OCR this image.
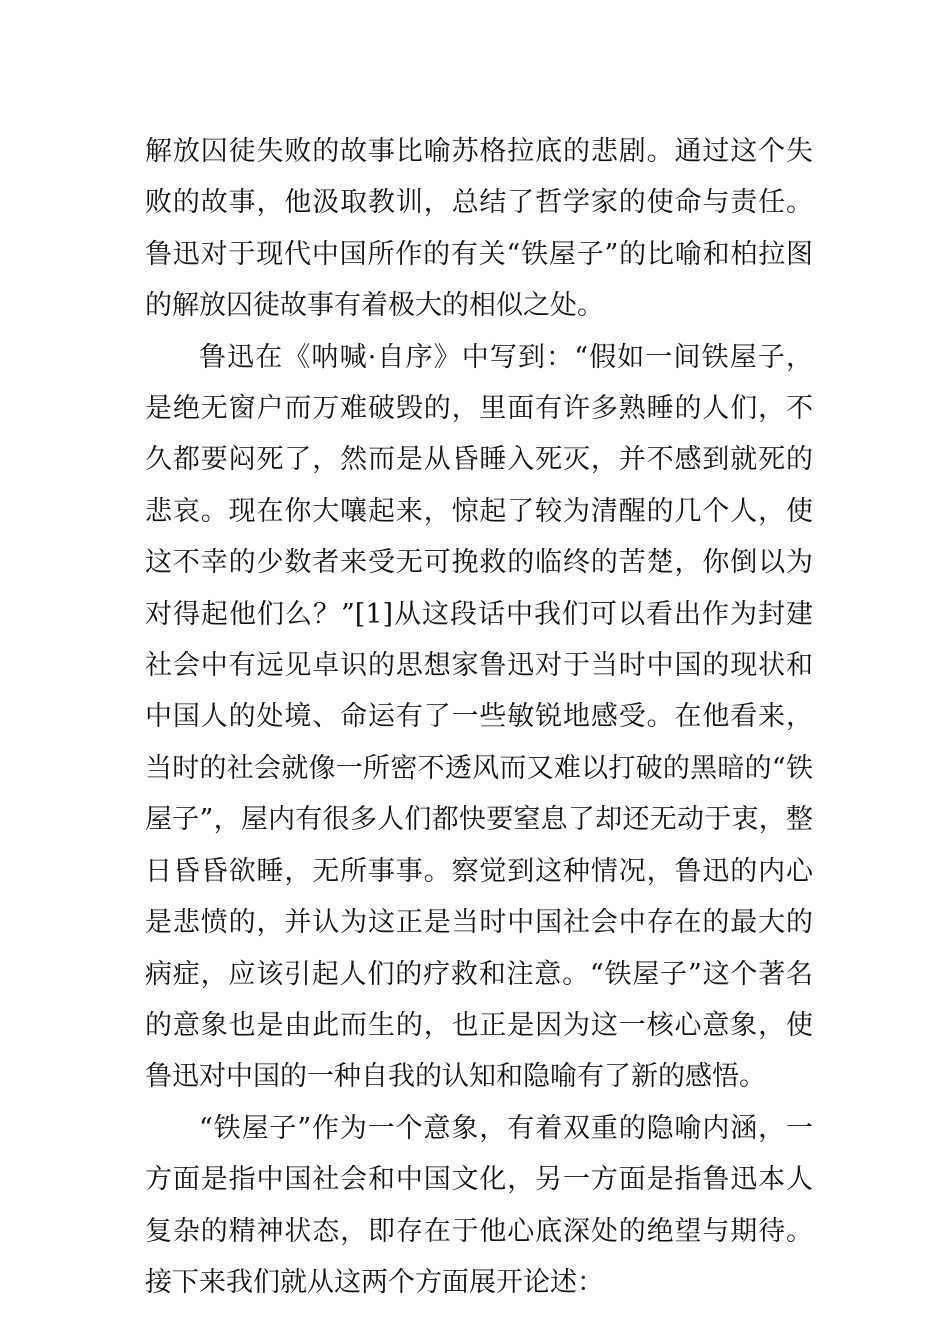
解放囚徒失败的故事比喻苏格拉底的悲剧。通过这个失败的故事，他汲取教训，总结了哲学家的使命与责任。鲁迅对于现代中国所作的有关“铁屋子”的比喻和柏拉图的解放囚徒故事有着极大的相似之处。

鲁迅在《呐喊·自序》中写到：“假如一间铁屋子，是绝无窗户而万难破毁的，里面有许多熟睡的人们，不久都要闷死了，然而是从昏睡入死灭，并不感到就死的悲哀。现在你大嚷起来，惊起了较为清醒的几个人，使这不幸的少数者来受无可挽救的临终的苦楚，你倒以为对得起他们么？”[1]从这段话中我们可以看出作为封建社会中有远见卓识的思想家鲁迅对于当时中国的现状和中国人的处境、命运有了一些敏锐地感受。在他看来，当时的社会就像一所密不透风而又难以打破的黑暗的“铁屋子”，屋内有很多人们都快要窒息了却还无动于衷，整日昏昏欲睡，无所事事。察觉到这种情况，鲁迅的内心是悲愤的，并认为这正是当时中国社会中存在的最大的病症，应该引起人们的疗救和注意。“铁屋子”这个著名的意象也是由此而生的，也正是因为这一核心意象，使鲁迅对中国的一种自我的认知和隐喻有了新的感悟。

“铁屋子”作为一个意象，有着双重的隐喻内涵，一方面是指中国社会和中国文化，另一方面是指鲁迅本人复杂的精神状态，即存在于他心底深处的绝望与期待。接下来我们就从这两个方面展开论述：
